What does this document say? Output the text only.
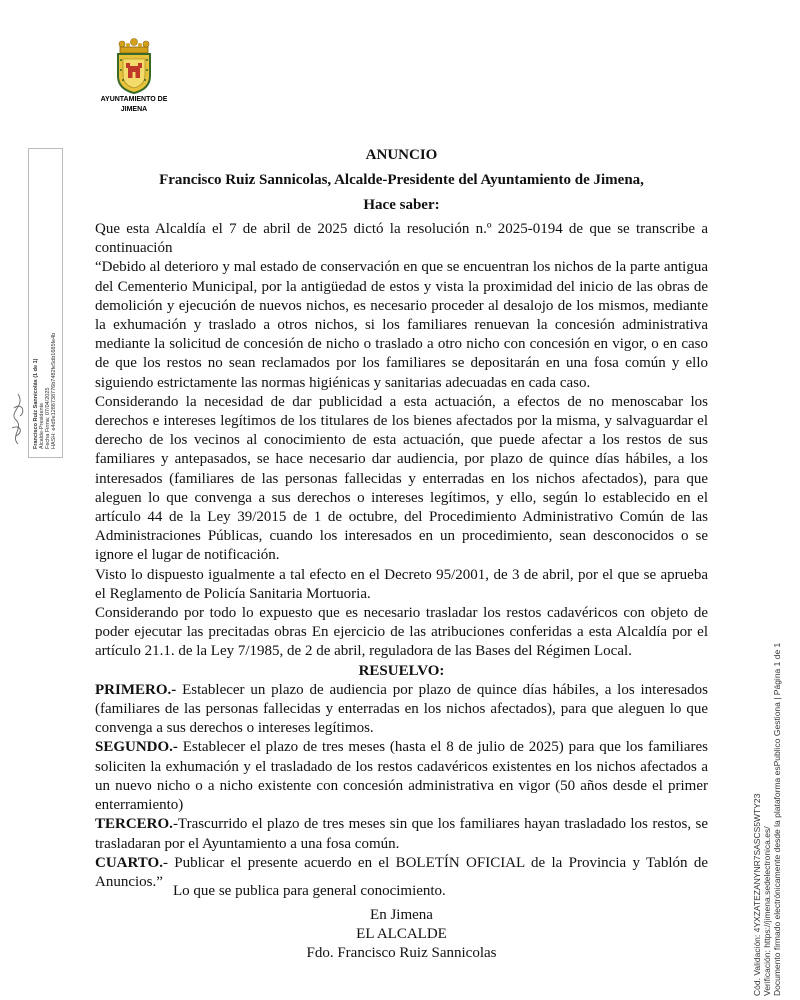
AYUNTAMIENTO DE
JIMENA
Francisco Ruiz Sannicolás (1 de 1) Alcalde-Presidente Fecha Firma: 07/04/2025 HASH: e4d9e1288738776b7482fe5db1685fe4b
Cód. Validación: 4YXZATEZANYNR7SASCS5WTY23 Verificación: https://jimena.sedelectronica.es/ Documento firmado electrónicamente desde la plataforma esPublico Gestiona | Página 1 de 1
ANUNCIO
Francisco Ruiz Sannicolas, Alcalde-Presidente del Ayuntamiento de Jimena,
Hace saber:

Que esta Alcaldía el 7 de abril de 2025 dictó la resolución n.º 2025-0194 de que se transcribe a continuación

“Debido al deterioro y mal estado de conservación en que se encuentran los nichos de la parte antigua del Cementerio Municipal, por la antigüedad de estos y vista la proximidad del inicio de las obras de demolición y ejecución de nuevos nichos, es necesario proceder al desalojo de los mismos, mediante la exhumación y traslado a otros nichos, si los familiares renuevan la concesión administrativa mediante la solicitud de concesión de nicho o traslado a otro nicho con concesión en vigor, o en caso de que los restos no sean reclamados por los familiares se depositarán en una fosa común y ello siguiendo estrictamente las normas higiénicas y sanitarias adecuadas en cada caso.

Considerando la necesidad de dar publicidad a esta actuación, a efectos de no menoscabar los derechos e intereses legítimos de los titulares de los bienes afectados por la misma, y salvaguardar el derecho de los vecinos al conocimiento de esta actuación, que puede afectar a los restos de sus familiares y antepasados, se hace necesario dar audiencia, por plazo de quince días hábiles, a los interesados (familiares de las personas fallecidas y enterradas en los nichos afectados), para que aleguen lo que convenga a sus derechos o intereses legítimos, y ello, según lo establecido en el artículo 44 de la Ley 39/2015 de 1 de octubre, del Procedimiento Administrativo Común de las Administraciones Públicas, cuando los interesados en un procedimiento, sean desconocidos o se ignore el lugar de notificación.

Visto lo dispuesto igualmente a tal efecto en el Decreto 95/2001, de 3 de abril, por el que se aprueba el Reglamento de Policía Sanitaria Mortuoria.

Considerando por todo lo expuesto que es necesario trasladar los restos cadavéricos con objeto de poder ejecutar las precitadas obras En ejercicio de las atribuciones conferidas a esta Alcaldía por el artículo 21.1. de la Ley 7/1985, de 2 de abril, reguladora de las Bases del Régimen Local.

RESUELVO:

PRIMERO.- Establecer un plazo de audiencia por plazo de quince días hábiles, a los interesados (familiares de las personas fallecidas y enterradas en los nichos afectados), para que aleguen lo que convenga a sus derechos o intereses legítimos.

SEGUNDO.- Establecer el plazo de tres meses (hasta el 8 de julio de 2025) para que los familiares soliciten la exhumación y el trasladado de los restos cadavéricos existentes en los nichos afectados a un nuevo nicho o a nicho existente con concesión administrativa en vigor (50 años desde el primer enterramiento)

TERCERO.-Trascurrido el plazo de tres meses sin que los familiares hayan trasladado los restos, se trasladaran por el Ayuntamiento a una fosa común.

CUARTO.- Publicar el presente acuerdo en el BOLETÍN OFICIAL de la Provincia y Tablón de Anuncios.”

Lo que se publica para general conocimiento.
En Jimena
EL ALCALDE
Fdo. Francisco Ruiz Sannicolas
